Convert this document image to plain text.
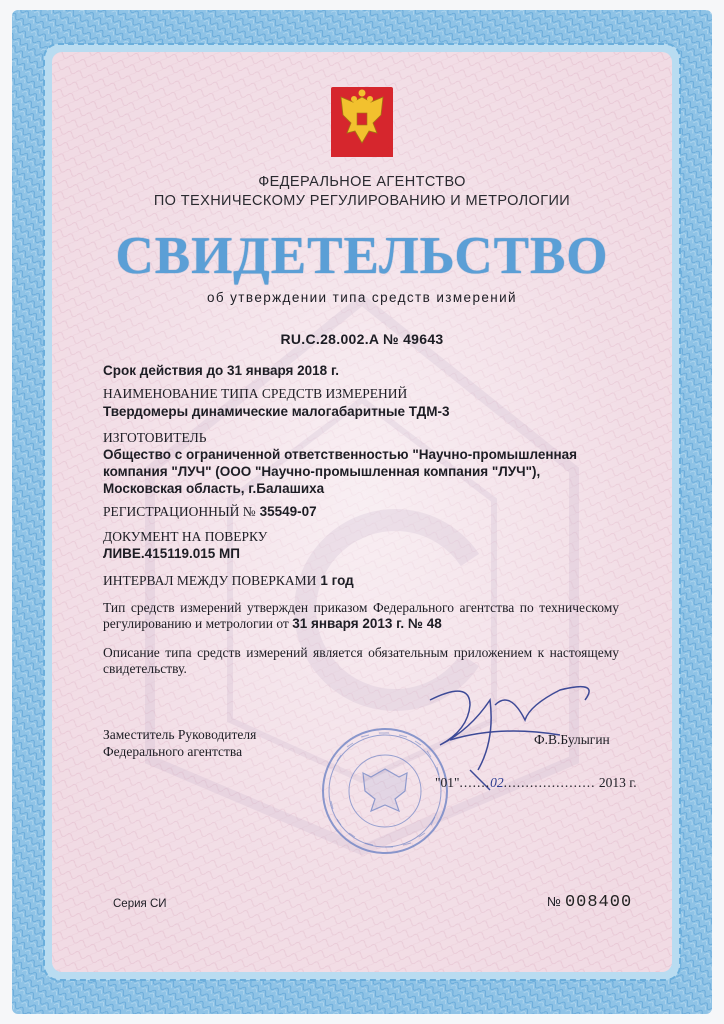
ФЕДЕРАЛЬНОЕ АГЕНТСТВО
ПО ТЕХНИЧЕСКОМУ РЕГУЛИРОВАНИЮ И МЕТРОЛОГИИ
СВИДЕТЕЛЬСТВО
об утверждении типа средств измерений
RU.C.28.002.A № 49643
Срок действия до 31 января 2018 г.
НАИМЕНОВАНИЕ ТИПА СРЕДСТВ ИЗМЕРЕНИЙ
Твердомеры динамические малогабаритные ТДМ-3
ИЗГОТОВИТЕЛЬ
Общество с ограниченной ответственностью "Научно-промышленная
компания "ЛУЧ" (ООО "Научно-промышленная компания "ЛУЧ"),
Московская область, г.Балашиха
РЕГИСТРАЦИОННЫЙ № 35549-07
ДОКУМЕНТ НА ПОВЕРКУ
ЛИВЕ.415119.015 МП
ИНТЕРВАЛ МЕЖДУ ПОВЕРКАМИ 1 год
Тип средств измерений утвержден приказом Федерального агентства по техническому регулированию и метрологии от 31 января 2013 г. № 48
Описание типа средств измерений является обязательным приложением к настоящему свидетельству.
Заместитель Руководителя
Федерального агентства
Ф.В.Булыгин
"01".......02..................... 2013 г.
Серия СИ	№ 008400
